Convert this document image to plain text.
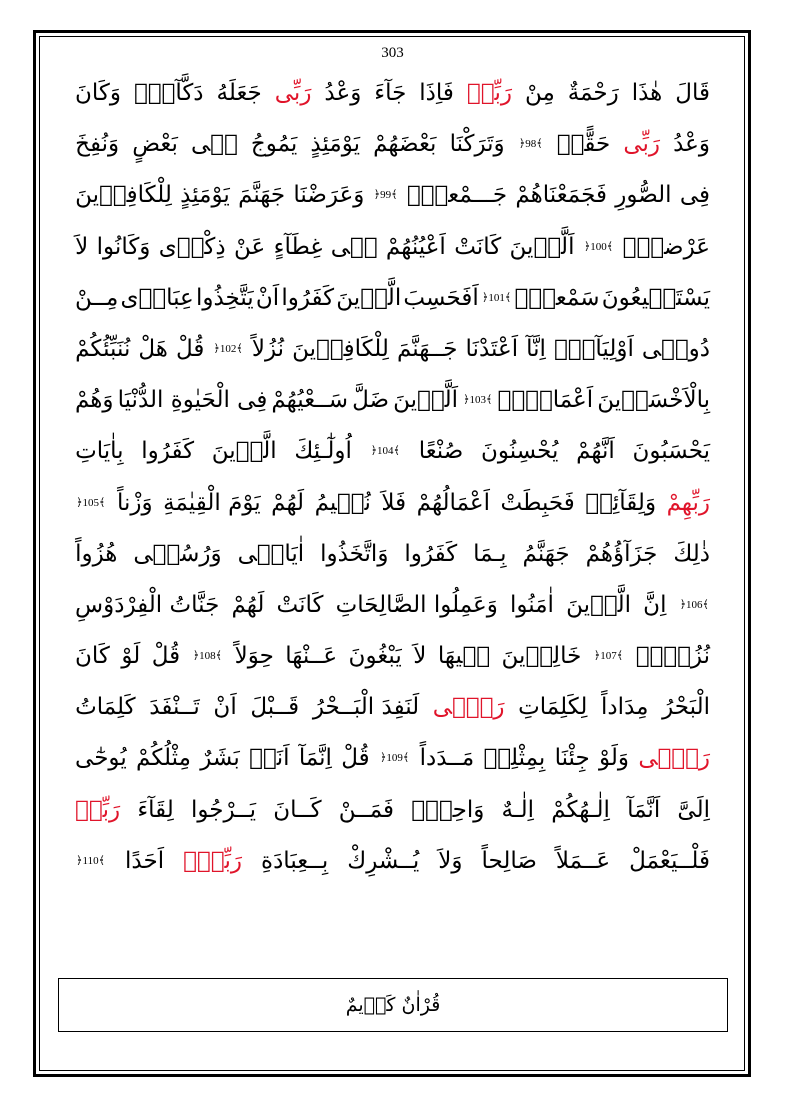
303
قَالَ
هٰذَا
رَحْمَةٌ
مِنْ
رَبِّىۚ
فَاِذَا
جَآءَ
وَعْدُ
رَبِّى
جَعَلَهُ
دَكَّآءَۚ
وَكَانَ
وَعْدُ
رَبِّى
حَقًّاۜ
﴿98﴾
وَتَرَكْنَا
بَعْضَهُمْ
يَوْمَئِذٍ
يَمُوجُ
فٖى
بَعْضٍ
وَنُفِخَ
فِى
الصُّورِ
فَجَمَعْنَاهُمْ
جَـــمْعاًۙ
﴿99﴾
وَعَرَضْنَا
جَهَنَّمَ
يَوْمَئِذٍ
لِلْكَافِرٖينَ
عَرْضاًۙ
﴿100﴾
اَلَّذٖينَ
كَانَتْ
اَعْيُنُهُمْ
فٖى
غِطَآءٍ
عَنْ
ذِكْرٖى
وَكَانُوا
لاَ
يَسْتَطٖيعُونَ
سَمْعاًۚ
﴿101﴾
اَفَحَسِبَ
الَّذٖينَ
كَفَرُوا
اَنْ
يَتَّخِذُوا
عِبَادٖى
مِــنْ
دُونٖى
اَوْلِيَآءَۜ
اِنَّآ
اَعْتَدْنَا
جَــهَنَّمَ
لِلْكَافِرٖينَ
نُزُلاً
﴿102﴾
قُلْ
هَلْ
نُنَبِّئُكُمْ
بِالْاَخْسَرٖينَ
اَعْمَالاًۜ
﴿103﴾
اَلَّذٖينَ
ضَلَّ
سَــعْيُهُمْ
فِى الْحَيٰوةِ الدُّنْيَا
وَهُمْ
يَحْسَبُونَ
اَنَّهُمْ
يُحْسِنُونَ
صُنْعًا
﴿104﴾
اُولٰٓـئِكَ
الَّذٖينَ
كَفَرُوا
بِاٰيَاتِ
رَبِّهِمْ
وَلِقَآئِهٖ
فَحَبِطَتْ
اَعْمَالُهُمْ
فَلاَ
نُقٖيمُ
لَهُمْ
يَوْمَ الْقِيٰمَةِ
وَزْناً
﴿105﴾
ذٰلِكَ
جَزَآؤُهُمْ
جَهَنَّمُ
بِـمَا
كَفَرُوا
وَاتَّخَذُوا
اٰيَاتٖى
وَرُسُلٖى
هُزُواً
﴿106﴾
اِنَّ
الَّذٖينَ
اٰمَنُوا
وَعَمِلُوا الصَّالِحَاتِ
كَانَتْ
لَهُمْ
جَنَّاتُ الْفِرْدَوْسِ
نُزُلاًۙ
﴿107﴾
خَالِدٖينَ
فٖيهَا
لاَ
يَبْغُونَ
عَــنْهَا
حِوَلاً
﴿108﴾
قُلْ
لَوْ
كَانَ
الْبَحْرُ
مِدَاداً
لِكَلِمَاتِ
رَبّٖى
لَنَفِدَ الْبَــحْرُ
قَــبْلَ
اَنْ
تَــنْفَدَ
كَلِمَاتُ
رَبّٖى
وَلَوْ
جِئْنَا
بِمِثْلِهٖ
مَــدَداً
﴿109﴾
قُلْ
اِنَّمَآ
اَنَا۬
بَشَرٌ
مِثْلُكُمْ
يُوحٰٓى
اِلَىَّ
اَنَّمَآ
اِلٰـهُكُمْ
اِلٰـهٌ
وَاحِدٌۚ
فَمَــنْ
كَــانَ
يَــرْجُوا
لِقَآءَ
رَبِّهٖ
فَلْــيَعْمَلْ
عَــمَلاً
صَالِحاً
وَلاَ
يُــشْرِكْ
بِــعِبَادَةِ
رَبِّهٖٓ
اَحَدًا
﴿110﴾
قُرْاٰنٌ كَرٖيمٌ
